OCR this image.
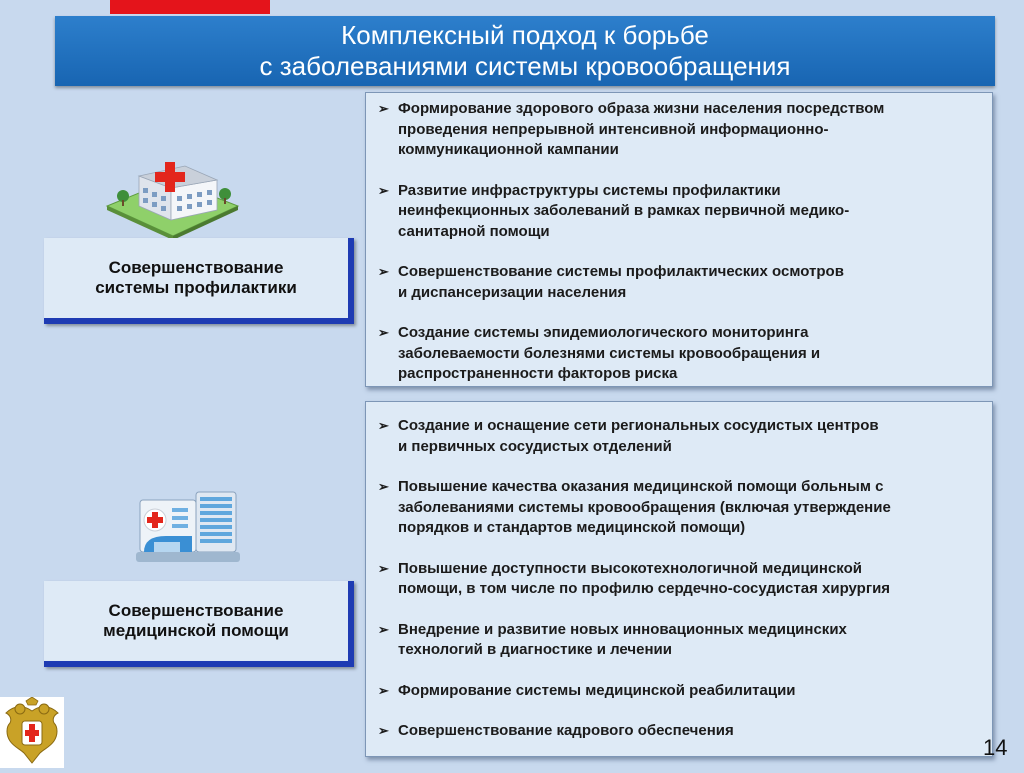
Комплексный подход к борьбе
с заболеваниями системы кровообращения
Совершенствование
системы профилактики
➢ Формирование здорового образа жизни населения посредством
проведения непрерывной интенсивной информационно-
коммуникационной кампании
➢ Развитие инфраструктуры системы профилактики
неинфекционных заболеваний в рамках первичной медико-
санитарной помощи
➢ Совершенствование системы профилактических осмотров
и диспансеризации населения
➢ Создание системы эпидемиологического мониторинга
заболеваемости болезнями системы кровообращения и
распространенности факторов риска
Совершенствование
медицинской помощи
➢ Создание и оснащение сети региональных сосудистых центров
и первичных сосудистых отделений
➢ Повышение качества оказания медицинской помощи больным с
заболеваниями системы кровообращения (включая утверждение
порядков и стандартов медицинской помощи)
➢ Повышение доступности высокотехнологичной медицинской
помощи, в том числе по профилю сердечно-сосудистая хирургия
➢ Внедрение и развитие новых инновационных медицинских
технологий в диагностике и лечении
➢ Формирование системы медицинской реабилитации
➢ Совершенствование кадрового обеспечения
14
